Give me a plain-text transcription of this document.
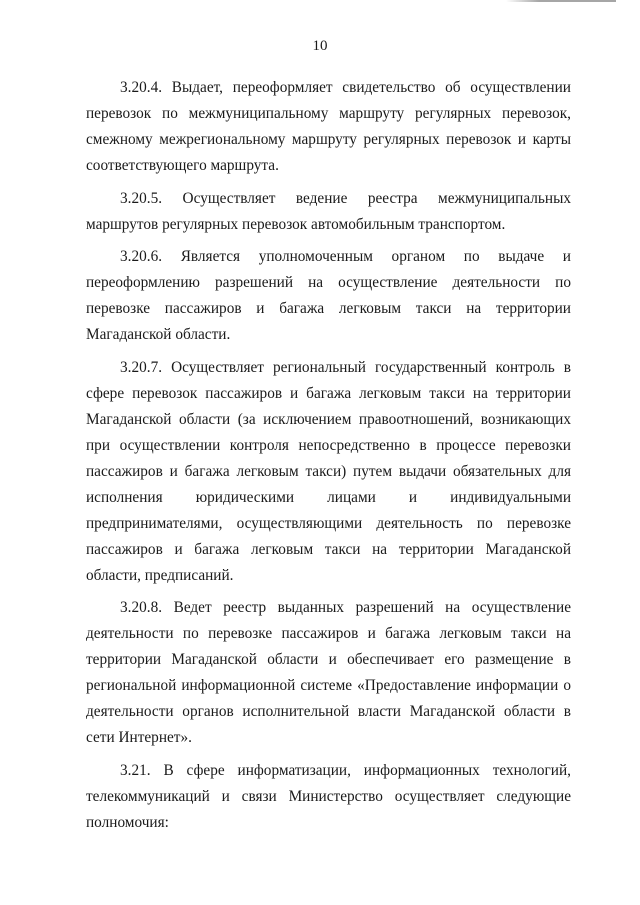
10

3.20.4. Выдает, переоформляет свидетельство об осуществлении перевозок по межмуниципальному маршруту регулярных перевозок, смежному межрегиональному маршруту регулярных перевозок и карты соответствующего маршрута.

3.20.5. Осуществляет ведение реестра межмуниципальных маршрутов регулярных перевозок автомобильным транспортом.

3.20.6. Является уполномоченным органом по выдаче и переоформлению разрешений на осуществление деятельности по перевозке пассажиров и багажа легковым такси на территории Магаданской области.

3.20.7. Осуществляет региональный государственный контроль в сфере перевозок пассажиров и багажа легковым такси на территории Магаданской области (за исключением правоотношений, возникающих при осуществлении контроля непосредственно в процессе перевозки пассажиров и багажа легковым такси) путем выдачи обязательных для исполнения юридическими лицами и индивидуальными предпринимателями, осуществляющими деятельность по перевозке пассажиров и багажа легковым такси на территории Магаданской области, предписаний.

3.20.8. Ведет реестр выданных разрешений на осуществление деятельности по перевозке пассажиров и багажа легковым такси на территории Магаданской области и обеспечивает его размещение в региональной информационной системе «Предоставление информации о деятельности органов исполнительной власти Магаданской области в сети Интернет».

3.21. В сфере информатизации, информационных технологий, телекоммуникаций и связи Министерство осуществляет следующие полномочия:
